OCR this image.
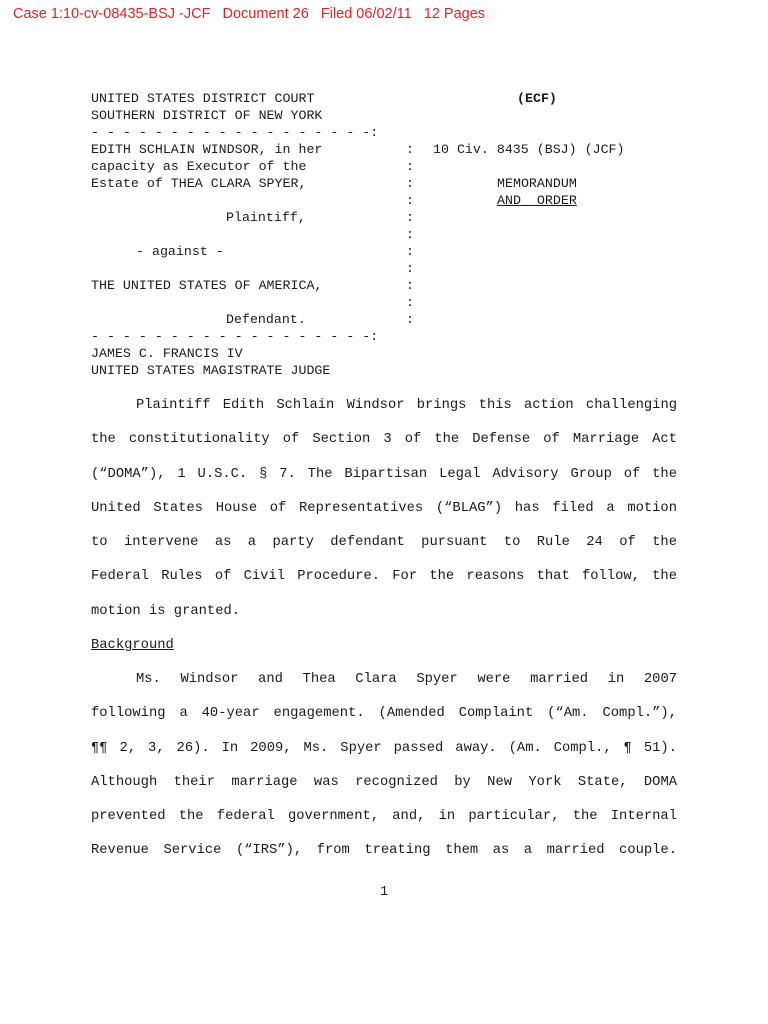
Case 1:10-cv-08435-BSJ -JCF   Document 26   Filed 06/02/11   12 Pages
UNITED STATES DISTRICT COURT
SOUTHERN DISTRICT OF NEW YORK
(ECF)
- - - - - - - - - - - - - - - - - -:
EDITH SCHLAIN WINDSOR, in her
capacity as Executor of the
Estate of THEA CLARA SPYER,
Plaintiff,
- against -
THE UNITED STATES OF AMERICA,
Defendant.
- - - - - - - - - - - - - - - - - -:
:
:
:
:
:
:
:
:
:
:
:
10 Civ. 8435 (BSJ) (JCF)
MEMORANDUM
AND  ORDER
JAMES C. FRANCIS IV
UNITED STATES MAGISTRATE JUDGE
Plaintiff Edith Schlain Windsor brings this action challenging
the constitutionality of Section 3 of the Defense of Marriage Act
(“DOMA”), 1 U.S.C. § 7. The Bipartisan Legal Advisory Group of the
United States House of Representatives (“BLAG”) has filed a motion
to intervene as a party defendant pursuant to Rule 24 of the
Federal Rules of Civil Procedure. For the reasons that follow, the
motion is granted.
Background
Ms. Windsor and Thea Clara Spyer were married in 2007
following a 40-year engagement. (Amended Complaint (“Am. Compl.”),
¶¶ 2, 3, 26). In 2009, Ms. Spyer passed away. (Am. Compl., ¶ 51).
Although their marriage was recognized by New York State, DOMA
prevented the federal government, and, in particular, the Internal
Revenue Service (“IRS”), from treating them as a married couple.
1
